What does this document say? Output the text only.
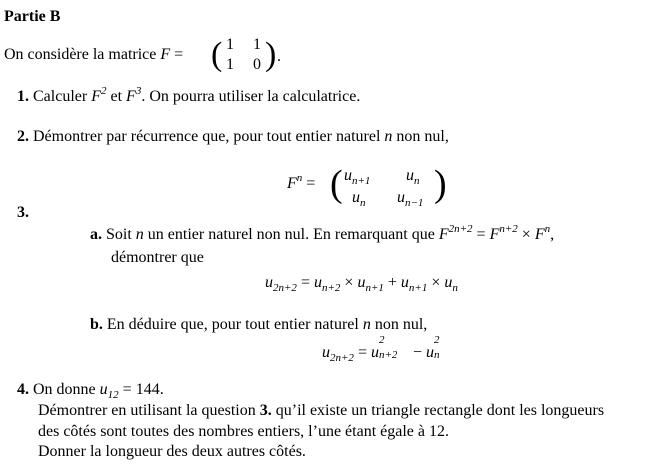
Partie B
On considère la matrice F = ( 1 1
1 0 ) .
1. Calculer $F^2$ et $F^3$. On pourra utiliser la calculatrice.
2. Démontrer par récurrence que, pour tout entier naturel n non nul,
$F^n$ = ( $u_{n+1}$ $u_n$
$u_n$ $u_{n-1}$ )
3.
a. Soit n un entier naturel non nul. En remarquant que $F^{2n+2} = F^{n+2} \times F^n$,
démontrer que
$u_{2n+2} = u_{n+2} \times u_{n+1} + u_{n+1} \times u_n$
b. En déduire que, pour tout entier naturel n non nul,
$u_{2n+2} = u$
2
n+2 − u
2
n
4. On donne $u_{12} = 144$.
Démontrer en utilisant la question 3. qu’il existe un triangle rectangle dont les longueurs
des côtés sont toutes des nombres entiers, l’une étant égale à 12.
Donner la longueur des deux autres côtés.
